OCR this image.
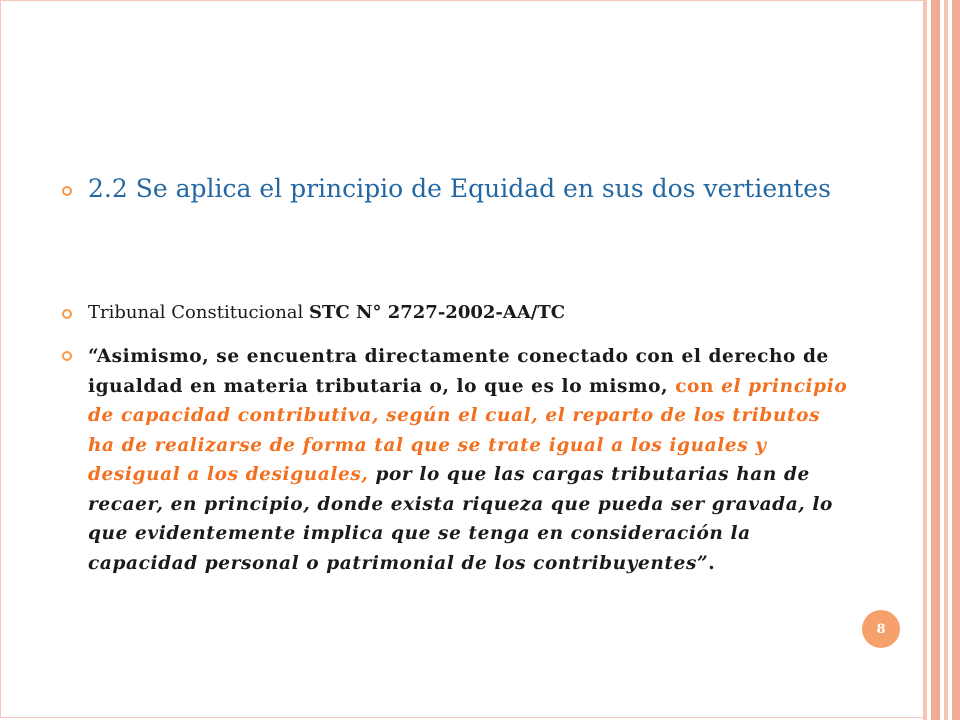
2.2 Se aplica el principio de Equidad en sus dos vertientes
Tribunal Constitucional STC N° 2727-2002-AA/TC
“Asimismo, se encuentra directamente conectado con el derecho de igualdad en materia tributaria o, lo que es lo mismo, con el principio de capacidad contributiva, según el cual, el reparto de los tributos ha de realizarse de forma tal que se trate igual a los iguales y desigual a los desiguales, por lo que las cargas tributarias han de recaer, en principio, donde exista riqueza que pueda ser gravada, lo que evidentemente implica que se tenga en consideración la capacidad personal o patrimonial de los contribuyentes”.
8
